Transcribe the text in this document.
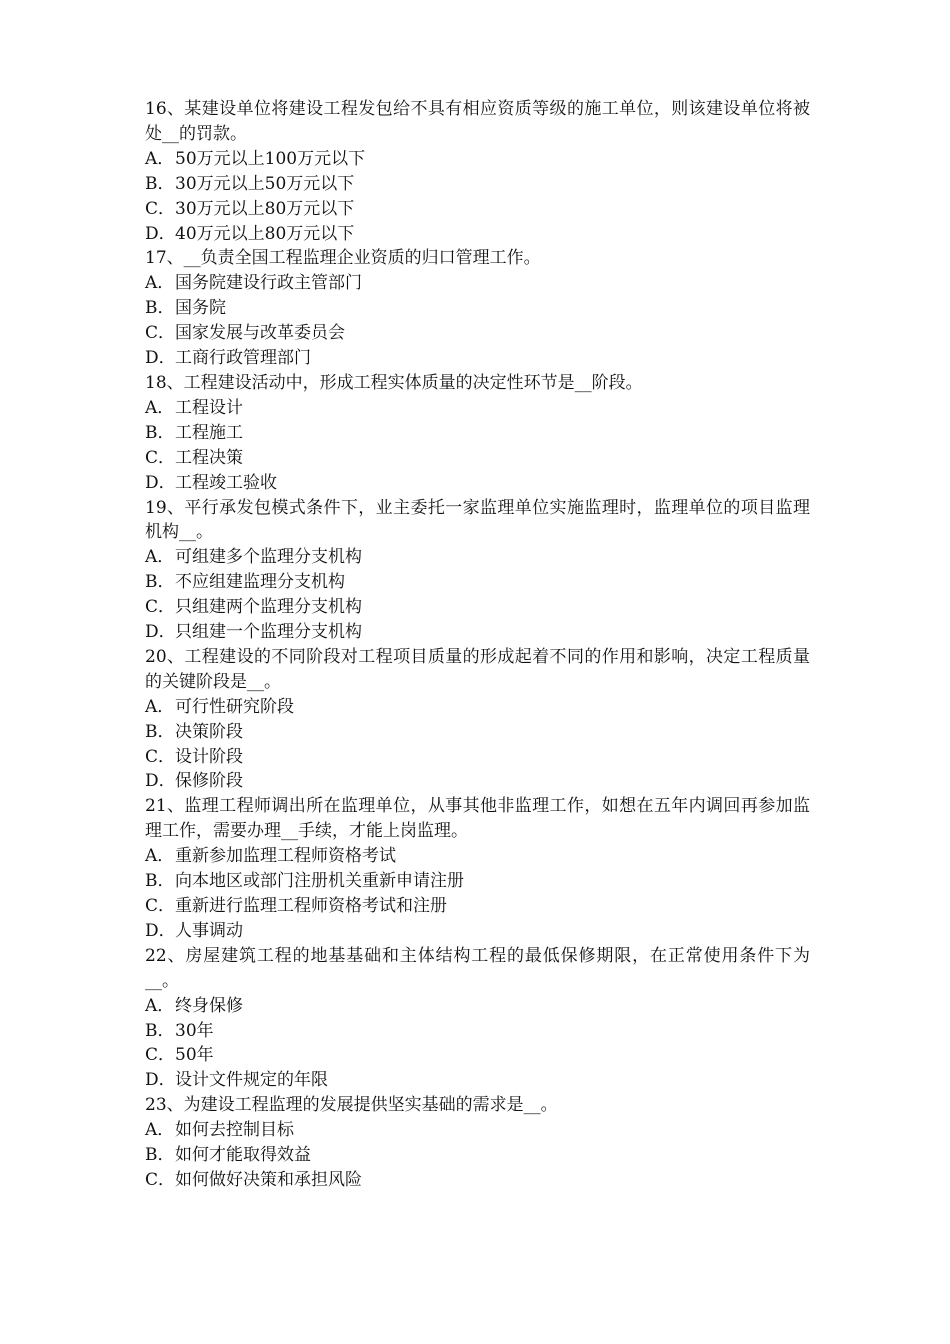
16、某建设单位将建设工程发包给不具有相应资质等级的施工单位，则该建设单位将被处__的罚款。

A． 50万元以上100万元以下
B． 30万元以上50万元以下
C． 30万元以上80万元以下
D． 40万元以上80万元以下

17、__负责全国工程监理企业资质的归口管理工作。

A． 国务院建设行政主管部门
B． 国务院
C． 国家发展与改革委员会
D． 工商行政管理部门

18、工程建设活动中，形成工程实体质量的决定性环节是__阶段。

A． 工程设计
B． 工程施工
C． 工程决策
D． 工程竣工验收

19、平行承发包模式条件下，业主委托一家监理单位实施监理时，监理单位的项目监理机构__。

A． 可组建多个监理分支机构
B． 不应组建监理分支机构
C． 只组建两个监理分支机构
D． 只组建一个监理分支机构

20、工程建设的不同阶段对工程项目质量的形成起着不同的作用和影响，决定工程质量的关键阶段是__。

A． 可行性研究阶段
B． 决策阶段
C． 设计阶段
D． 保修阶段

21、监理工程师调出所在监理单位，从事其他非监理工作，如想在五年内调回再参加监理工作，需要办理__手续，才能上岗监理。

A． 重新参加监理工程师资格考试
B． 向本地区或部门注册机关重新申请注册
C． 重新进行监理工程师资格考试和注册
D． 人事调动

22、房屋建筑工程的地基基础和主体结构工程的最低保修期限，在正常使用条件下为__。

A． 终身保修
B． 30年
C． 50年
D． 设计文件规定的年限

23、为建设工程监理的发展提供坚实基础的需求是__。

A． 如何去控制目标
B． 如何才能取得效益
C． 如何做好决策和承担风险
